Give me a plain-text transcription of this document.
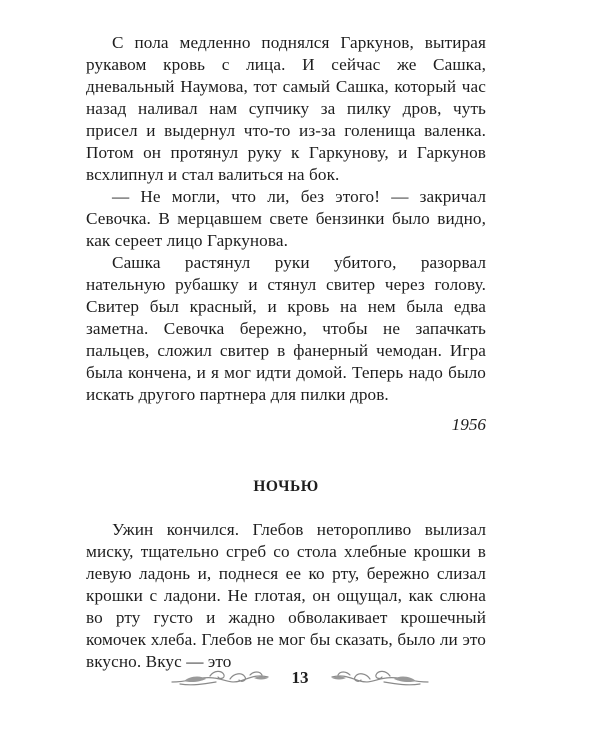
С пола медленно поднялся Гаркунов, вытирая рукавом кровь с лица. И сейчас же Сашка, дневальный Наумова, тот самый Сашка, который час назад наливал нам супчику за пилку дров, чуть присел и выдернул что-то из-за голенища валенка. Потом он протянул руку к Гаркунову, и Гаркунов всхлипнул и стал валиться на бок.

— Не могли, что ли, без этого! — закричал Севочка. В мерцавшем свете бензинки было видно, как сереет лицо Гаркунова.

Сашка растянул руки убитого, разорвал нательную рубашку и стянул свитер через голову. Свитер был красный, и кровь на нем была едва заметна. Севочка бережно, чтобы не запачкать пальцев, сложил свитер в фанерный чемодан. Игра была кончена, и я мог идти домой. Теперь надо было искать другого партнера для пилки дров.

1956

НОЧЬЮ

Ужин кончился. Глебов неторопливо вылизал миску, тщательно сгреб со стола хлебные крошки в левую ладонь и, поднеся ее ко рту, бережно слизал крошки с ладони. Не глотая, он ощущал, как слюна во рту густо и жадно обволакивает крошечный комочек хлеба. Глебов не мог бы сказать, было ли это вкусно. Вкус — это

13
